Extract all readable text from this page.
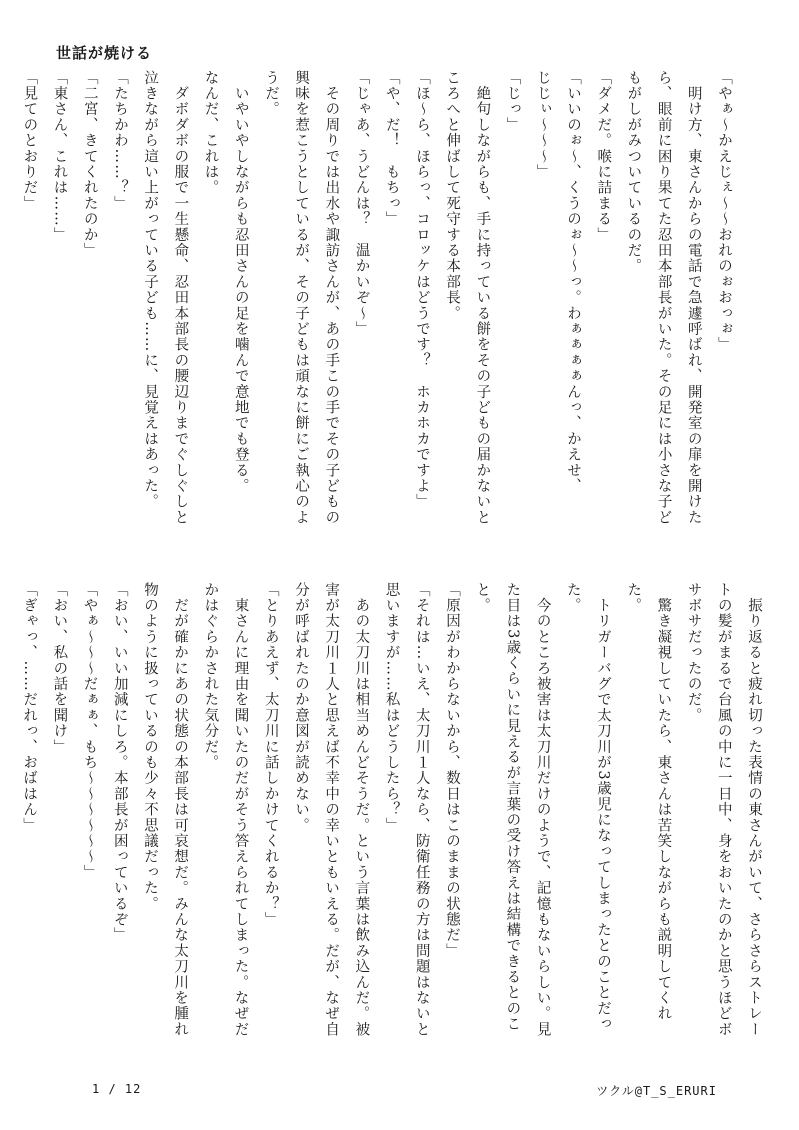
世話が焼ける
「やぁ～かえじぇ～～おれのぉおっぉ」
　明け方、東さんからの電話で急遽呼ばれ、開発室の扉を開けた
ら、眼前に困り果てた忍田本部長がいた。その足には小さな子ど
もがしがみついているのだ。
「ダメだ。喉に詰まる」
「いいのぉ～、くうのぉ～～っ。わぁぁぁぁんっ、かえせ、
じじぃ～～～」
「じっ」
　絶句しながらも、手に持っている餅をその子どもの届かないと
ころへと伸ばして死守する本部長。
「ほ～ら、ほらっ、コロッケはどうです？　ホカホカですよ」
「や、だ！　もちっ」
「じゃあ、うどんは？　温かいぞ～」
　その周りでは出水や諏訪さんが、あの手この手でその子どもの
興味を惹こうとしているが、その子どもは頑なに餅にご執心のよ
うだ。
　いやいやしながらも忍田さんの足を噛んで意地でも登る。
なんだ、これは。
　ダボダボの服で一生懸命、忍田本部長の腰辺りまでぐしぐしと
泣きながら這い上がっている子ども……に、見覚えはあった。
「たちかわ……？」
「二宮、きてくれたのか」
「東さん、これは……」
「見てのとおりだ」
　振り返ると疲れ切った表情の東さんがいて、さらさらストレー
トの髪がまるで台風の中に一日中、身をおいたのかと思うほどボ
サボサだったのだ。
　驚き凝視していたら、東さんは苦笑しながらも説明してくれ
た。
　トリガーバグで太刀川が3歳児になってしまったとのことだっ
た。
　今のところ被害は太刀川だけのようで、記憶もないらしい。見
た目は3歳くらいに見えるが言葉の受け答えは結構できるとのこ
と。
「原因がわからないから、数日はこのままの状態だ」
「それは…いえ、太刀川１人なら、防衛任務の方は問題はないと
思いますが……私はどうしたら？」
　あの太刀川は相当めんどそうだ。という言葉は飲み込んだ。被
害が太刀川１人と思えば不幸中の幸いともいえる。だが、なぜ自
分が呼ばれたのか意図が読めない。
「とりあえず、太刀川に話しかけてくれるか？」
　東さんに理由を聞いたのだがそう答えられてしまった。なぜだ
かはぐらかされた気分だ。
　だが確かにあの状態の本部長は可哀想だ。みんな太刀川を腫れ
物のように扱っているのも少々不思議だった。
「おい、いい加減にしろ。本部長が困っているぞ」
「やぁ～～～だぁぁ、もち～～～～～～」
「おい、私の話を聞け」
「ぎゃっ、……だれっ、おばはん」
1 / 12	ツクル@T_S_ERURI
